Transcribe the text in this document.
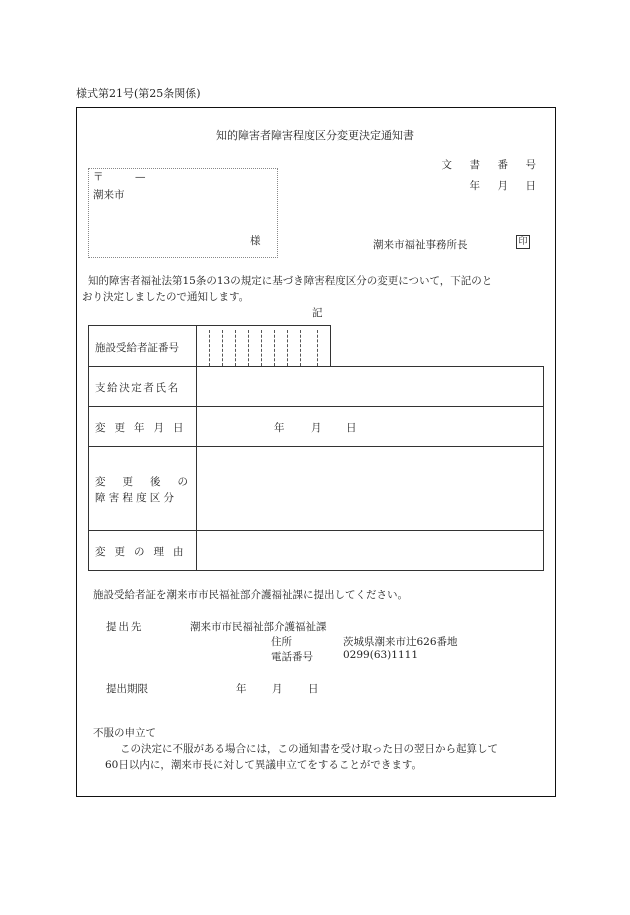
様式第21号(第25条関係)
知的障害者障害程度区分変更決定通知書
文 書 番 号
年 月 日
〒　　　—
潮来市
様	潮来市福祉事務所長	印
知的障害者福祉法第15条の13の規定に基づき障害程度区分の変更について，下記のと
おり決定しましたので通知します。
記
施設受給者証番号
支給決定者氏名
変更年月日	年	月 日
変更後の
障害程度区分
変更の理由
施設受給者証を潮来市市民福祉部介護福祉課に提出してください。
提出先	潮来市市民福祉部介護福祉課
住所	茨城県潮来市辻626番地
電話番号	0299(63)1111
提出期限	年 月 日
不服の申立て
この決定に不服がある場合には，この通知書を受け取った日の翌日から起算して
60日以内に，潮来市長に対して異議申立てをすることができます。
